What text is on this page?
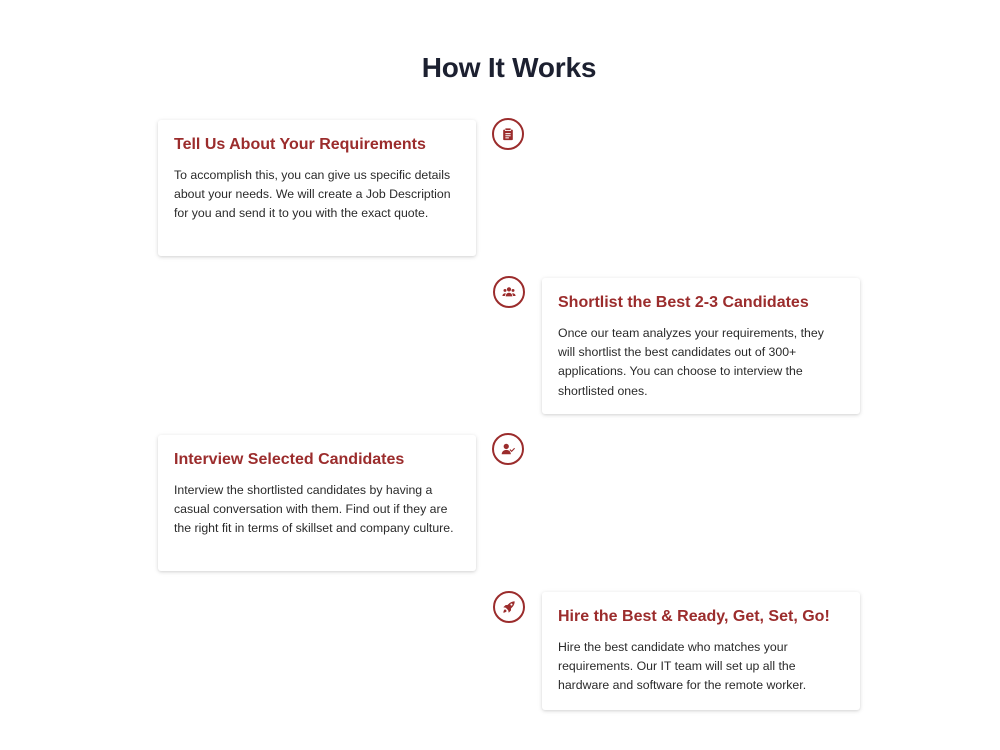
How It Works
Tell Us About Your Requirements
To accomplish this, you can give us specific details about your needs. We will create a Job Description for you and send it to you with the exact quote.
Shortlist the Best 2-3 Candidates
Once our team analyzes your requirements, they will shortlist the best candidates out of 300+ applications. You can choose to interview the shortlisted ones.
Interview Selected Candidates
Interview the shortlisted candidates by having a casual conversation with them. Find out if they are the right fit in terms of skillset and company culture.
Hire the Best & Ready, Get, Set, Go!
Hire the best candidate who matches your requirements. Our IT team will set up all the hardware and software for the remote worker.
